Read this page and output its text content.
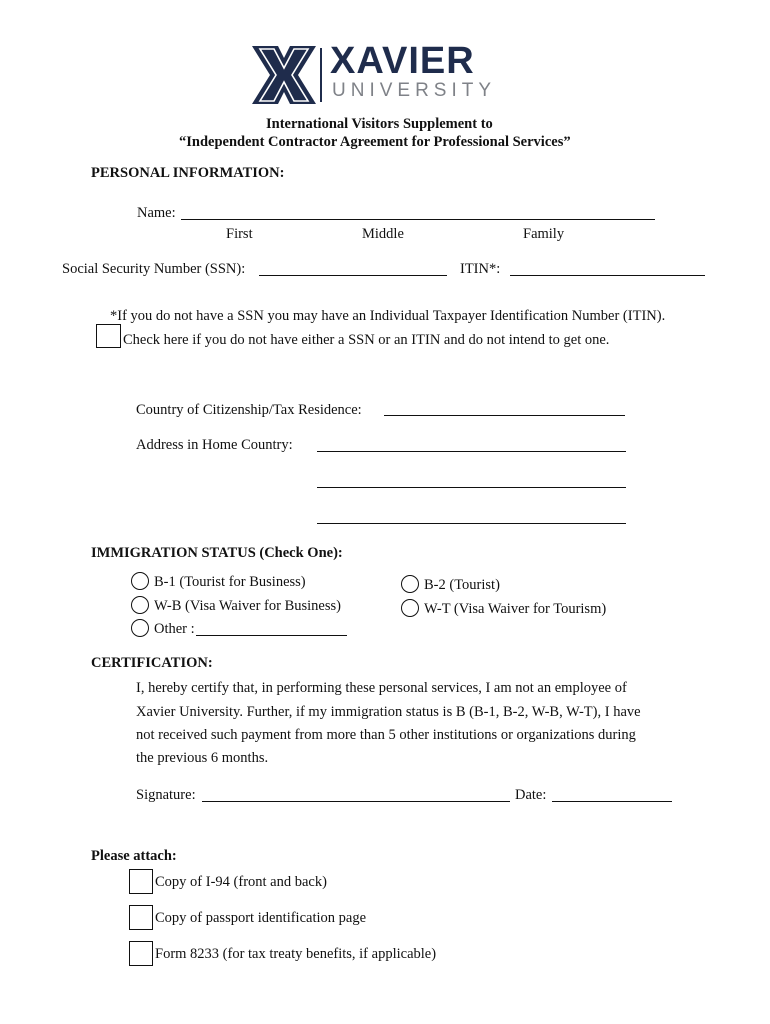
XAVIER
UNIVERSITY
International Visitors Supplement to
“Independent Contractor Agreement for Professional Services”
PERSONAL INFORMATION:
Name:
First	Middle	Family
Social Security Number (SSN):	ITIN*:
*If you do not have a SSN you may have an Individual Taxpayer Identification Number (ITIN).
Check here if you do not have either a SSN or an ITIN and do not intend to get one.
Country of Citizenship/Tax Residence:
Address in Home Country:
IMMIGRATION STATUS (Check One):
B-1 (Tourist for Business)
W-B (Visa Waiver for Business)
Other :
B-2 (Tourist)
W-T (Visa Waiver for Tourism)
CERTIFICATION:
I, hereby certify that, in performing these personal services, I am not an employee of
Xavier University. Further, if my immigration status is B (B-1, B-2, W-B, W-T), I have
not received such payment from more than 5 other institutions or organizations during
the previous 6 months.
Signature:	Date:
Please attach:
Copy of I-94 (front and back)
Copy of passport identification page
Form 8233 (for tax treaty benefits, if applicable)
